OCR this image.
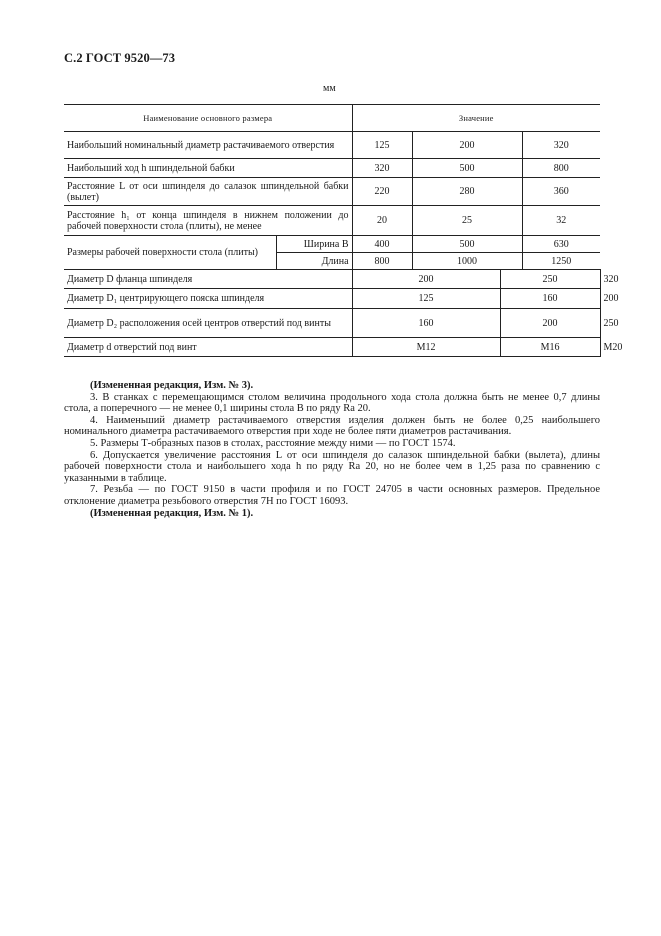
С.2 ГОСТ 9520—73
мм
Наименование основного размера		Значение				
Наибольший номинальный диаметр растачиваемого отверстия		125	200		320	
Наибольший ход h шпиндельной бабки		320	500		800	
Расстояние L от оси шпинделя до салазок шпиндельной бабки (вылет)		220	280		360	
Расстояние h₁ от конца шпинделя в нижнем положении до рабочей поверхности стола (плиты), не менее		20	25		32	
Размеры рабочей поверхности стола (плиты)	Ширина B	400	500		630	
	Длина	800	1000		1250	
Диаметр D фланца шпинделя		200		250		320
Диаметр D₁ центрирующего пояска шпинделя		125		160		200
Диаметр D₂ расположения осей центров отверстий под винты		160		200		250
Диаметр d отверстий под винт		M12		M16		M20

(Измененная редакция, Изм. № 3).

3. В станках с перемещающимся столом величина продольного хода стола должна быть не менее 0,7 длины стола, а поперечного — не менее 0,1 ширины стола B по ряду Ra 20.

4. Наименьший диаметр растачиваемого отверстия изделия должен быть не более 0,25 наибольшего номинального диаметра растачиваемого отверстия при ходе не более пяти диаметров растачивания.

5. Размеры Т-образных пазов в столах, расстояние между ними — по ГОСТ 1574.

6. Допускается увеличение расстояния L от оси шпинделя до салазок шпиндельной бабки (вылета), длины рабочей поверхности стола и наибольшего хода h по ряду Ra 20, но не более чем в 1,25 раза по сравнению с указанными в таблице.

7. Резьба — по ГОСТ 9150 в части профиля и по ГОСТ 24705 в части основных размеров. Предельное отклонение диаметра резьбового отверстия 7H по ГОСТ 16093.

(Измененная редакция, Изм. № 1).
